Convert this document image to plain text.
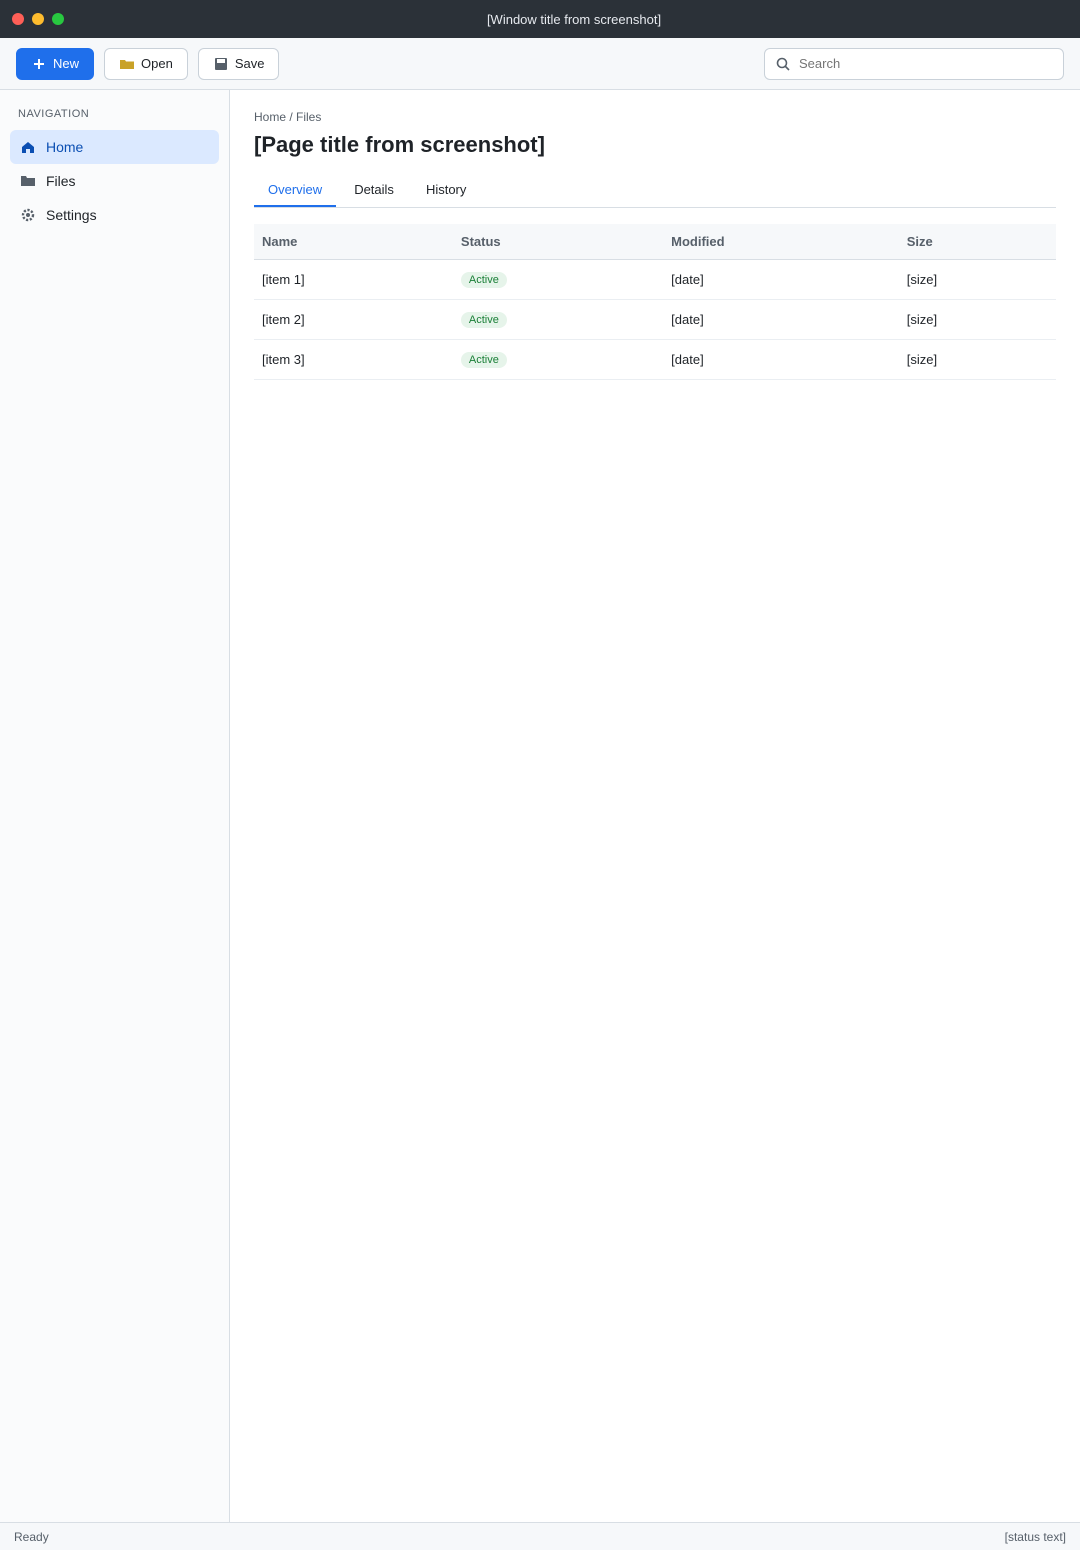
[Window title from screenshot]
New	Open	Save
Search
NAVIGATION
Home
Files
Settings
Home / Files
[Page title from screenshot]
Overview	Details	History
Name	Status	Modified	Size
[item 1]	Active	[date]	[size]
[item 2]	Active	[date]	[size]
[item 3]	Active	[date]	[size]
Ready	[status text]
